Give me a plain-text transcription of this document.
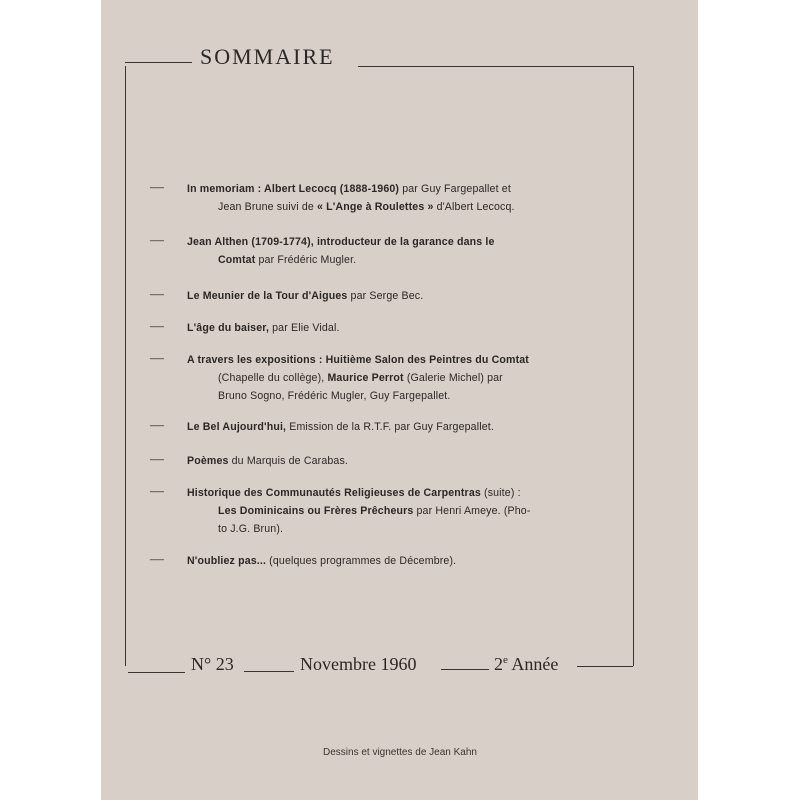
SOMMAIRE
— In memoriam : Albert Lecocq (1888-1960) par Guy Fargepallet et
Jean Brune suivi de « L'Ange à Roulettes » d'Albert Lecocq.
— Jean Althen (1709-1774), introducteur de la garance dans le
Comtat par Frédéric Mugler.
— Le Meunier de la Tour d'Aigues par Serge Bec.
— L'âge du baiser, par Elie Vidal.
— A travers les expositions : Huitième Salon des Peintres du Comtat
(Chapelle du collège), Maurice Perrot (Galerie Michel) par
Bruno Sogno, Frédéric Mugler, Guy Fargepallet.
— Le Bel Aujourd'hui, Emission de la R.T.F. par Guy Fargepallet.
— Poèmes du Marquis de Carabas.
— Historique des Communautés Religieuses de Carpentras (suite) :
Les Dominicains ou Frères Prêcheurs par Henri Ameye. (Pho-
to J.G. Brun).
— N'oubliez pas... (quelques programmes de Décembre).
N° 23	Novembre 1960	2e Année
Dessins et vignettes de Jean Kahn
